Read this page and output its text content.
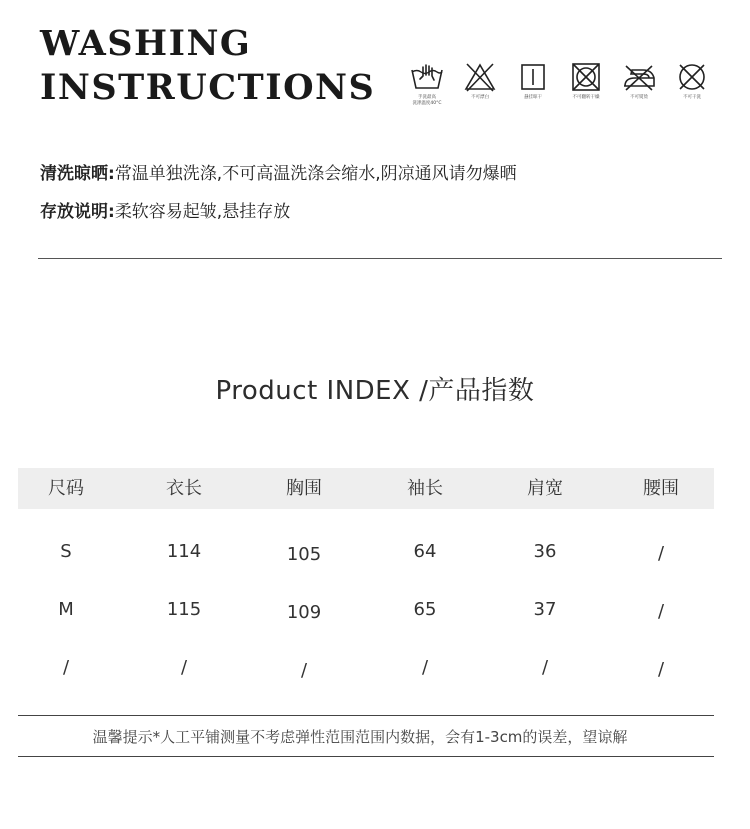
WASHING
INSTRUCTIONS	手洗最高
洗涤温度40°C
不可漂白	悬挂晾干	不可翻转干燥	不可熨烫	不可干洗
清洗晾晒:常温单独洗涤,不可高温洗涤会缩水,阴凉通风请勿爆晒
存放说明:柔软容易起皱,悬挂存放
Product INDEX /产品指数
尺码	衣长	胸围	袖长	肩宽	腰围
S	114	105	64	36	/
M	115	109	65	37	/
/	/	/	/	/	/
温馨提示*人工平铺测量不考虑弹性范围范围内数据，会有1-3cm的误差，望谅解
